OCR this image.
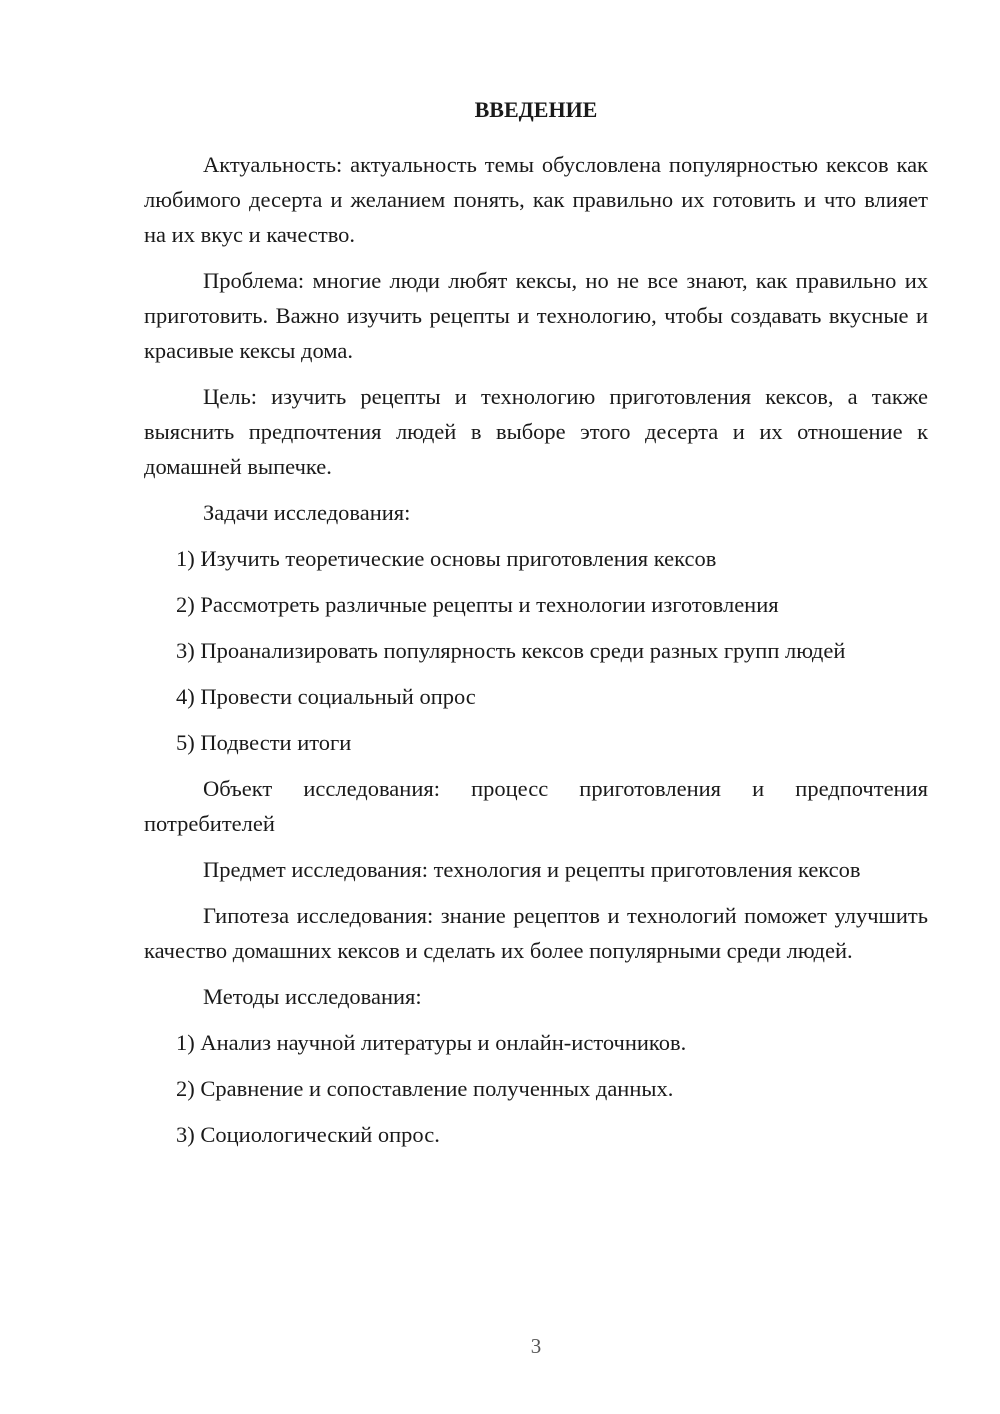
ВВЕДЕНИЕ

Актуальность: актуальность темы обусловлена популярностью кексов как любимого десерта и желанием понять, как правильно их готовить и что влияет на их вкус и качество.

Проблема: многие люди любят кексы, но не все знают, как правильно их приготовить. Важно изучить рецепты и технологию, чтобы создавать вкусные и красивые кексы дома.

Цель: изучить рецепты и технологию приготовления кексов, а также выяснить предпочтения людей в выборе этого десерта и их отношение к домашней выпечке.

Задачи исследования:

1) Изучить теоретические основы приготовления кексов
2) Рассмотреть различные рецепты и технологии изготовления
3) Проанализировать популярность кексов среди разных групп людей
4) Провести социальный опрос
5) Подвести итоги

Объект исследования: процесс приготовления и предпочтения потребителей

Предмет исследования: технология и рецепты приготовления кексов

Гипотеза исследования: знание рецептов и технологий поможет улучшить качество домашних кексов и сделать их более популярными среди людей.

Методы исследования:

1) Анализ научной литературы и онлайн-источников.
2) Сравнение и сопоставление полученных данных.
3) Социологический опрос.
3
